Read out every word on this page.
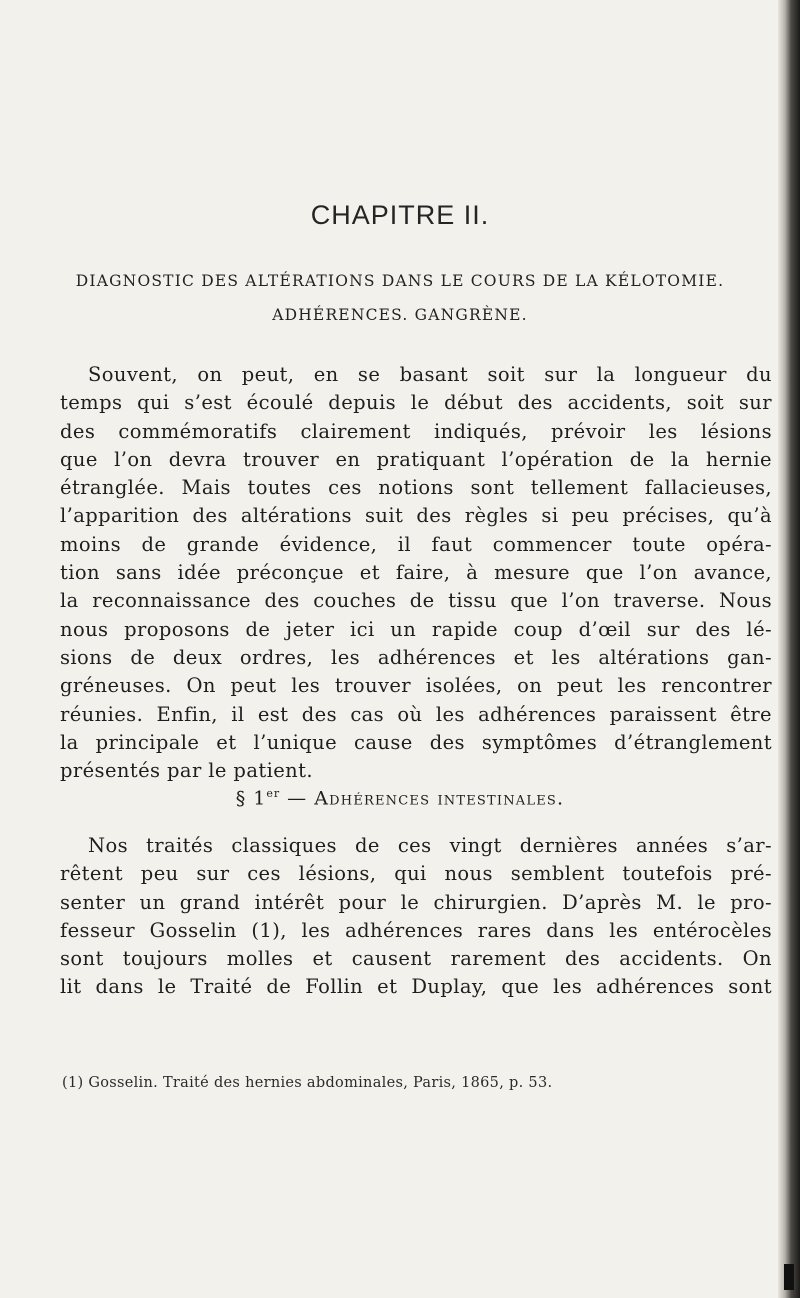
CHAPITRE II.
DIAGNOSTIC DES ALTÉRATIONS DANS LE COURS DE LA KÉLOTOMIE.
ADHÉRENCES. GANGRÈNE.
Souvent, on peut, en se basant soit sur la longueur du
temps qui s’est écoulé depuis le début des accidents, soit sur
des commémoratifs clairement indiqués, prévoir les lésions
que l’on devra trouver en pratiquant l’opération de la hernie
étranglée. Mais toutes ces notions sont tellement fallacieuses,
l’apparition des altérations suit des règles si peu précises, qu’à
moins de grande évidence, il faut commencer toute opéra-
tion sans idée préconçue et faire, à mesure que l’on avance,
la reconnaissance des couches de tissu que l’on traverse. Nous
nous proposons de jeter ici un rapide coup d’œil sur des lé-
sions de deux ordres, les adhérences et les altérations gan-
gréneuses. On peut les trouver isolées, on peut les rencontrer
réunies. Enfin, il est des cas où les adhérences paraissent être
la principale et l’unique cause des symptômes d’étranglement
présentés par le patient.
§ 1er — Adhérences intestinales.
Nos traités classiques de ces vingt dernières années s’ar-
rêtent peu sur ces lésions, qui nous semblent toutefois pré-
senter un grand intérêt pour le chirurgien. D’après M. le pro-
fesseur Gosselin (1), les adhérences rares dans les entérocèles
sont toujours molles et causent rarement des accidents. On
lit dans le Traité de Follin et Duplay, que les adhérences sont
(1) Gosselin. Traité des hernies abdominales, Paris, 1865, p. 53.
